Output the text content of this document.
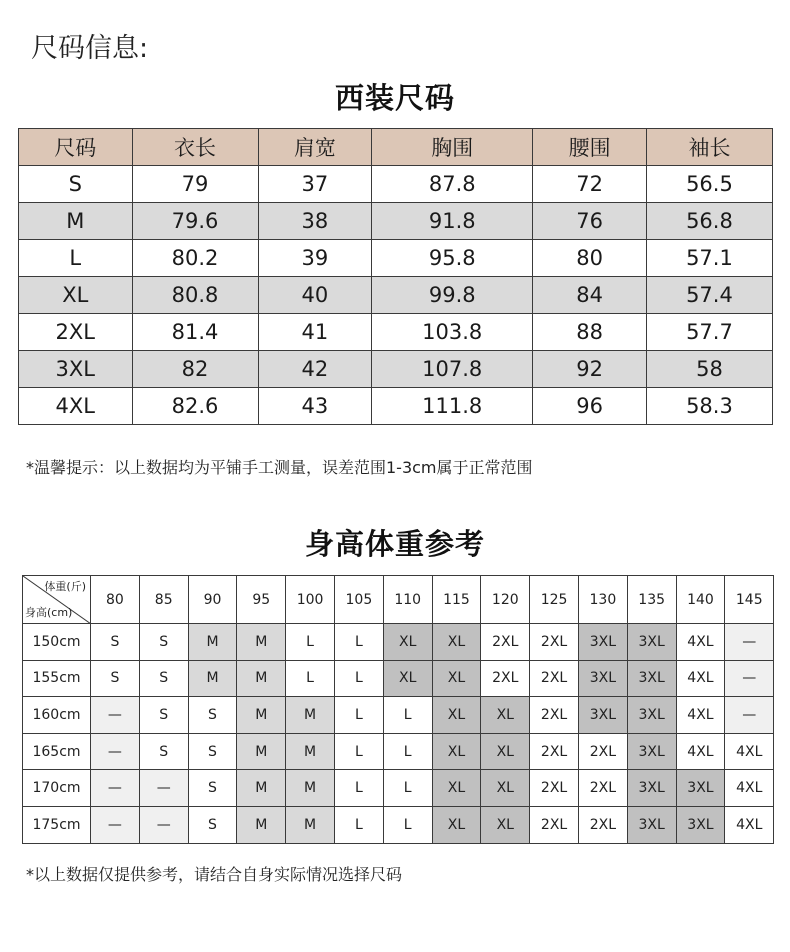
尺码信息:
西装尺码
尺码	衣长	肩宽	胸围	腰围	袖长
S	79	37	87.8	72	56.5
M	79.6	38	91.8	76	56.8
L	80.2	39	95.8	80	57.1
XL	80.8	40	99.8	84	57.4
2XL	81.4	41	103.8	88	57.7
3XL	82	42	107.8	92	58
4XL	82.6	43	111.8	96	58.3
*温馨提示：以上数据均为平铺手工测量，误差范围1-3cm属于正常范围
身高体重参考
体重(斤)
身高(cm)	80	85	90	95	100	105	110	115	120	125	130	135	140	145
150cm	S	S	M	M	L	L	XL	XL	2XL	2XL	3XL	3XL	4XL	—
155cm	S	S	M	M	L	L	XL	XL	2XL	2XL	3XL	3XL	4XL	—
160cm	—	S	S	M	M	L	L	XL	XL	2XL	3XL	3XL	4XL	—
165cm	—	S	S	M	M	L	L	XL	XL	2XL	2XL	3XL	4XL	4XL
170cm	—	—	S	M	M	L	L	XL	XL	2XL	2XL	3XL	3XL	4XL
175cm	—	—	S	M	M	L	L	XL	XL	2XL	2XL	3XL	3XL	4XL
*以上数据仅提供参考，请结合自身实际情况选择尺码
